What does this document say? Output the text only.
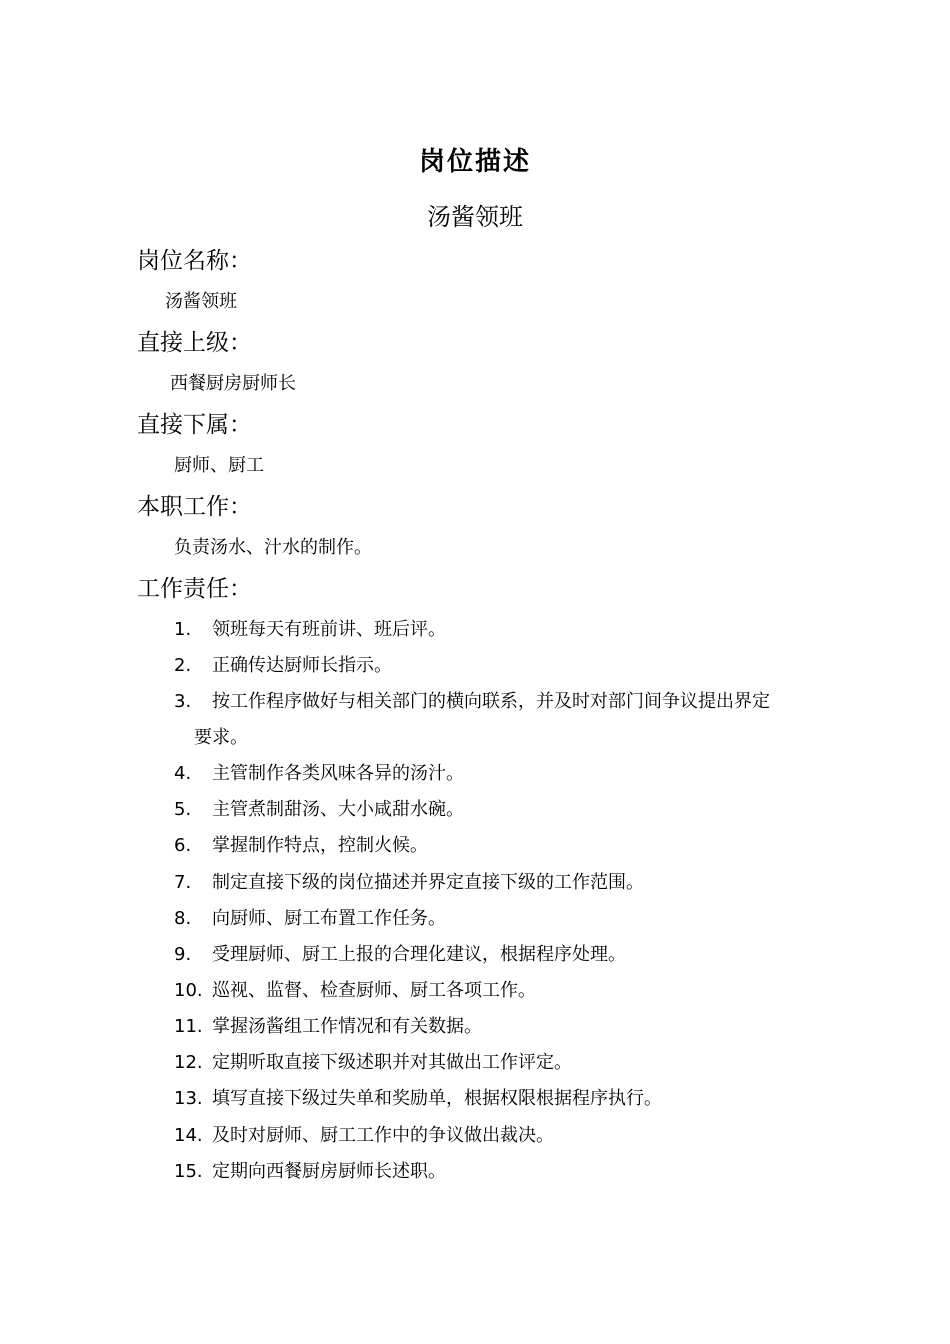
岗位描述
汤酱领班
岗位名称：
汤酱领班
直接上级：
西餐厨房厨师长
直接下属：
厨师、厨工
本职工作：
负责汤水、汁水的制作。
工作责任：
1. 领班每天有班前讲、班后评。
2. 正确传达厨师长指示。
3. 按工作程序做好与相关部门的横向联系，并及时对部门间争议提出界定
要求。
4. 主管制作各类风味各异的汤汁。
5. 主管煮制甜汤、大小咸甜水碗。
6. 掌握制作特点，控制火候。
7. 制定直接下级的岗位描述并界定直接下级的工作范围。
8. 向厨师、厨工布置工作任务。
9. 受理厨师、厨工上报的合理化建议，根据程序处理。
10. 巡视、监督、检查厨师、厨工各项工作。
11. 掌握汤酱组工作情况和有关数据。
12. 定期听取直接下级述职并对其做出工作评定。
13. 填写直接下级过失单和奖励单，根据权限根据程序执行。
14. 及时对厨师、厨工工作中的争议做出裁决。
15. 定期向西餐厨房厨师长述职。
